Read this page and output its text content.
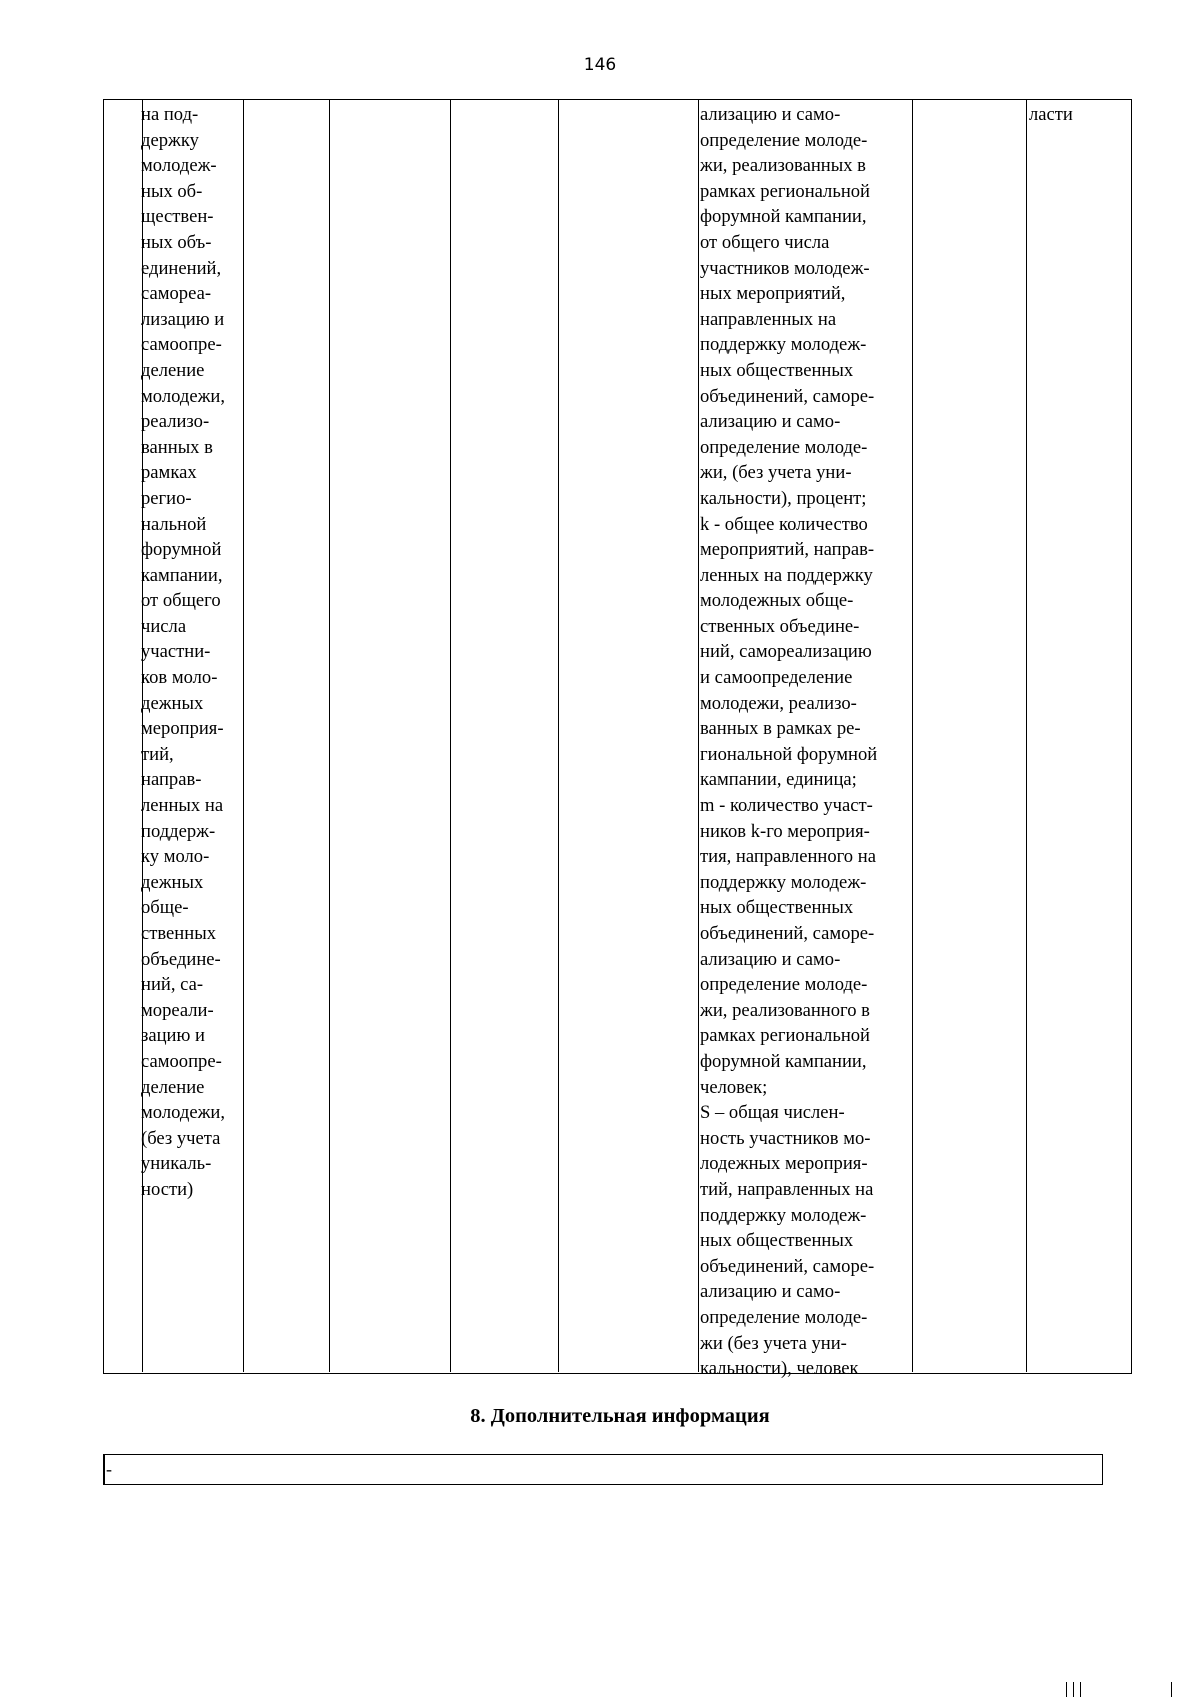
146
на под-
держку
молодеж-
ных об-
ществен-
ных объ-
единений,
самореа-
лизацию и
самоопре-
деление
молодежи,
реализо-
ванных в
рамках
регио-
нальной
форумной
кампании,
от общего
числа
участни-
ков моло-
дежных
мероприя-
тий,
направ-
ленных на
поддерж-
ку моло-
дежных
обще-
ственных
объедине-
ний, са-
мореали-
зацию и
самоопре-
деление
молодежи,
(без учета
уникаль-
ности)
ализацию и само-
определение молоде-
жи, реализованных в
рамках региональной
форумной кампании,
от общего числа
участников молодеж-
ных мероприятий,
направленных на
поддержку молодеж-
ных общественных
объединений, саморе-
ализацию и само-
определение молоде-
жи, (без учета уни-
кальности), процент;
k - общее количество
мероприятий, направ-
ленных на поддержку
молодежных обще-
ственных объедине-
ний, самореализацию
и самоопределение
молодежи, реализо-
ванных в рамках ре-
гиональной форумной
кампании, единица;
m - количество участ-
ников k-го мероприя-
тия, направленного на
поддержку молодеж-
ных общественных
объединений, саморе-
ализацию и само-
определение молоде-
жи, реализованного в
рамках региональной
форумной кампании,
человек;
S – общая числен-
ность участников мо-
лодежных мероприя-
тий, направленных на
поддержку молодеж-
ных общественных
объединений, саморе-
ализацию и само-
определение молоде-
жи (без учета уни-
кальности), человек
ласти
8. Дополнительная информация
-
